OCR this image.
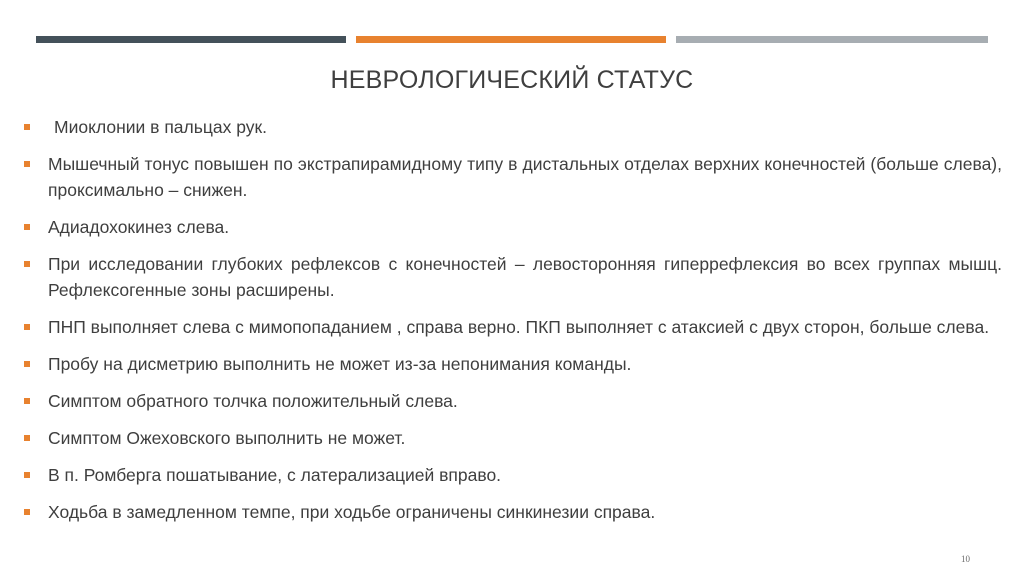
НЕВРОЛОГИЧЕСКИЙ СТАТУС
Миоклонии в пальцах рук.
Мышечный тонус повышен по экстрапирамидному типу в дистальных отделах верхних конечностей (больше слева), проксимально – снижен.
Адиадохокинез слева.
При исследовании глубоких рефлексов с конечностей – левосторонняя гиперрефлексия во всех группах мышц. Рефлексогенные зоны расширены.
ПНП выполняет слева с мимопопаданием , справа верно. ПКП выполняет с атаксией с двух сторон, больше слева.
Пробу на дисметрию выполнить не может из-за непонимания команды.
Симптом обратного толчка положительный слева.
Симптом Ожеховского выполнить не может.
В п. Ромберга пошатывание, с латерализацией вправо.
Ходьба в замедленном темпе, при ходьбе ограничены синкинезии справа.
10
